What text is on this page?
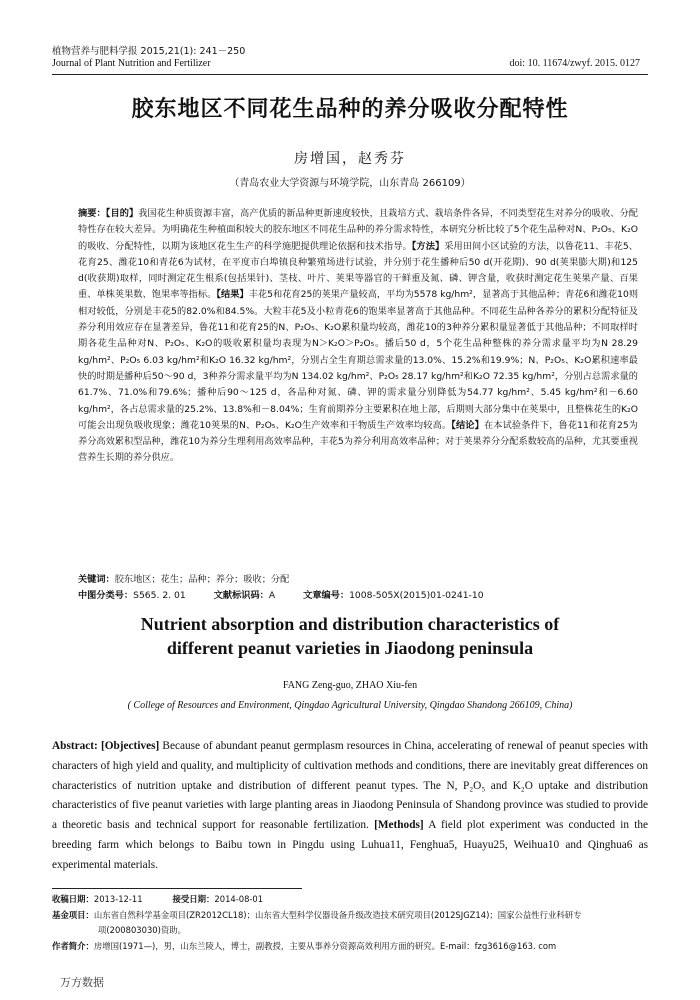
植物营养与肥料学报 2015,21(1): 241－250
Journal of Plant Nutrition and Fertilizer	doi: 10. 11674/zwyf. 2015. 0127
胶东地区不同花生品种的养分吸收分配特性
房增国，赵秀芬
（青岛农业大学资源与环境学院，山东青岛 266109）
摘要：【目的】我国花生种质资源丰富，高产优质的新品种更新速度较快，且栽培方式、栽培条件各异，不同类型花生对养分的吸收、分配特性存在较大差异。为明确花生种植面积较大的胶东地区不同花生品种的养分需求特性，本研究分析比较了5个花生品种对N、P₂O₅、K₂O的吸收、分配特性，以期为该地区花生生产的科学施肥提供理论依据和技术指导。【方法】采用田间小区试验的方法，以鲁花11、丰花5、花育25、潍花10和青花6为试材，在平度市白埠镇良种繁殖场进行试验，并分别于花生播种后50 d(开花期)、90 d(荚果膨大期)和125 d(收获期)取样，同时测定花生根系(包括果针)、茎枝、叶片、荚果等器官的干鲜重及氮、磷、钾含量，收获时测定花生荚果产量、百果重、单株荚果数、饱果率等指标。【结果】丰花5和花育25的荚果产量较高，平均为5578 kg/hm²，显著高于其他品种；青花6和潍花10则相对较低，分别是丰花5的82.0%和84.5%。大粒丰花5及小粒青花6的饱果率显著高于其他品种。不同花生品种各养分的累积分配特征及养分利用效应存在显著差异，鲁花11和花育25的N、P₂O₅、K₂O累积量均较高，潍花10的3种养分累积量显著低于其他品种；不同取样时期各花生品种对N、P₂O₅、K₂O的吸收累积量均表现为N＞K₂O＞P₂O₅。播后50 d，5个花生品种整株的养分需求量平均为N 28.29 kg/hm²、P₂O₅ 6.03 kg/hm²和K₂O 16.32 kg/hm²，分别占全生育期总需求量的13.0%、15.2%和19.9%；N、P₂O₅、K₂O累积速率最快的时期是播种后50～90 d，3种养分需求量平均为N 134.02 kg/hm²、P₂O₅ 28.17 kg/hm²和K₂O 72.35 kg/hm²，分别占总需求量的61.7%、71.0%和79.6%；播种后90～125 d，各品种对氮、磷、钾的需求量分别降低为54.77 kg/hm²、5.45 kg/hm²和－6.60 kg/hm²，各占总需求量的25.2%、13.8%和－8.04%；生育前期养分主要累积在地上部，后期则大部分集中在荚果中，且整株花生的K₂O可能会出现负吸收现象；潍花10荚果的N、P₂O₅、K₂O生产效率和干物质生产效率均较高。【结论】在本试验条件下，鲁花11和花育25为养分高效累积型品种，潍花10为养分生理利用高效率品种，丰花5为养分利用高效率品种；对于荚果养分分配系数较高的品种，尤其要重视营养生长期的养分供应。
关键词：胶东地区；花生；品种；养分；吸收；分配
中图分类号：S565. 2. 01	文献标识码：A	文章编号：1008-505X(2015)01-0241-10
Nutrient absorption and distribution characteristics of
different peanut varieties in Jiaodong peninsula
FANG Zeng-guo, ZHAO Xiu-fen
( College of Resources and Environment, Qingdao Agricultural University, Qingdao Shandong 266109, China)
Abstract: [Objectives] Because of abundant peanut germplasm resources in China, accelerating of renewal of peanut species with characters of high yield and quality, and multiplicity of cultivation methods and conditions, there are inevitably great differences on characteristics of nutrition uptake and distribution of different peanut types. The N, P₂O₅ and K₂O uptake and distribution characteristics of five peanut varieties with large planting areas in Jiaodong Peninsula of Shandong province was studied to provide a theoretic basis and technical support for reasonable fertilization. [Methods] A field plot experiment was conducted in the breeding farm which belongs to Baibu town in Pingdu using Luhua11, Fenghua5, Huayu25, Weihua10 and Qinghua6 as experimental materials.
收稿日期：2013-12-11	接受日期：2014-08-01
基金项目：山东省自然科学基金项目(ZR2012CL18)；山东省大型科学仪器设备升级改造技术研究项目(2012SJGZ14)；国家公益性行业科研专
项(200803030)资助。
作者简介：房增国(1971—)，男，山东兰陵人，博士，副教授，主要从事养分资源高效利用方面的研究。E-mail：fzg3616@163. com
万方数据
